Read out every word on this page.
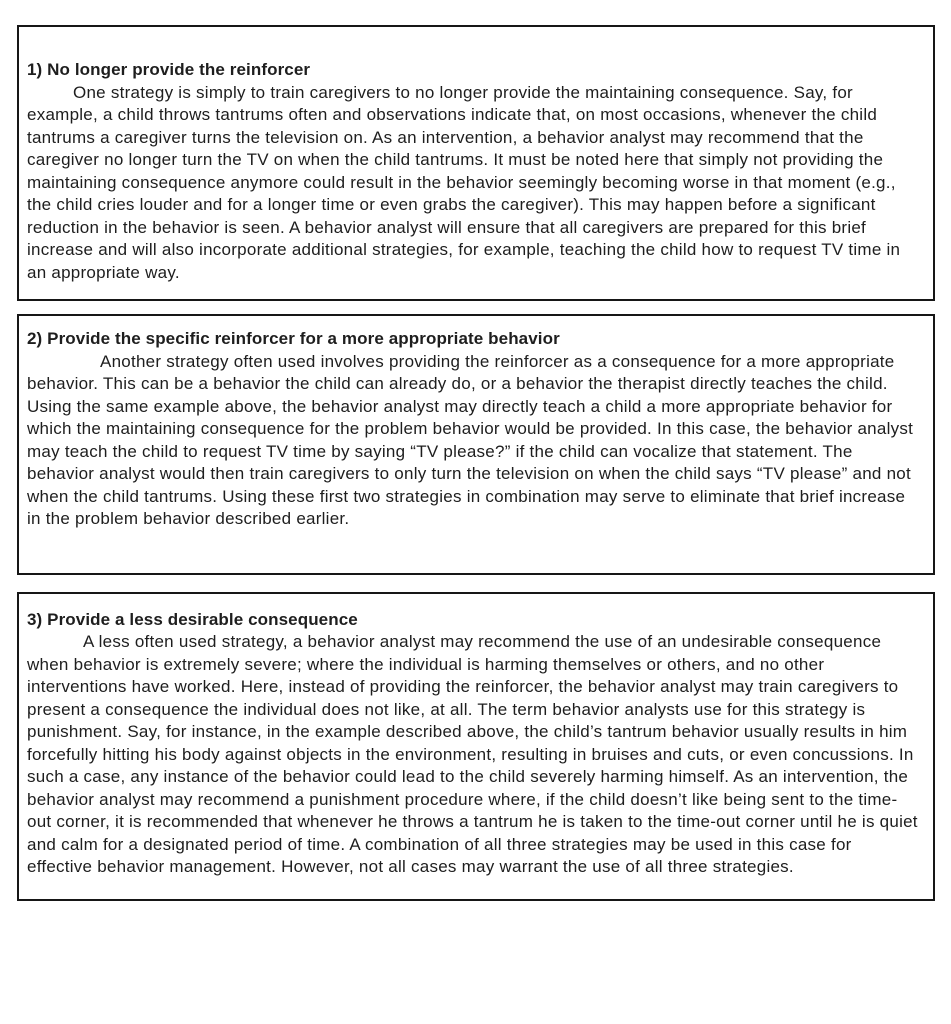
1) No longer provide the reinforcer
One strategy is simply to train caregivers to no longer provide the maintaining consequence. Say, for example, a child throws tantrums often and observations indicate that, on most occasions, whenever the child tantrums a caregiver turns the television on. As an intervention, a behavior analyst may recommend that the caregiver no longer turn the TV on when the child tantrums. It must be noted here that simply not providing the maintaining consequence anymore could result in the behavior seemingly becoming worse in that moment (e.g., the child cries louder and for a longer time or even grabs the caregiver). This may happen before a significant reduction in the behavior is seen. A behavior analyst will ensure that all caregivers are prepared for this brief increase and will also incorporate additional strategies, for example, teaching the child how to request TV time in an appropriate way.
2) Provide the specific reinforcer for a more appropriate behavior
Another strategy often used involves providing the reinforcer as a consequence for a more appropriate behavior. This can be a behavior the child can already do, or a behavior the therapist directly teaches the child. Using the same example above, the behavior analyst may directly teach a child a more appropriate behavior for which the maintaining consequence for the problem behavior would be provided. In this case, the behavior analyst may teach the child to request TV time by saying “TV please?” if the child can vocalize that statement. The behavior analyst would then train caregivers to only turn the television on when the child says “TV please” and not when the child tantrums. Using these first two strategies in combination may serve to eliminate that brief increase in the problem behavior described earlier.
3) Provide a less desirable consequence
A less often used strategy, a behavior analyst may recommend the use of an undesirable consequence when behavior is extremely severe; where the individual is harming themselves or others, and no other interventions have worked. Here, instead of providing the reinforcer, the behavior analyst may train caregivers to present a consequence the individual does not like, at all. The term behavior analysts use for this strategy is punishment. Say, for instance, in the example described above, the child’s tantrum behavior usually results in him forcefully hitting his body against objects in the environment, resulting in bruises and cuts, or even concussions. In such a case, any instance of the behavior could lead to the child severely harming himself. As an intervention, the behavior analyst may recommend a punishment procedure where, if the child doesn’t like being sent to the time-out corner, it is recommended that whenever he throws a tantrum he is taken to the time-out corner until he is quiet and calm for a designated period of time. A combination of all three strategies may be used in this case for effective behavior management. However, not all cases may warrant the use of all three strategies.
